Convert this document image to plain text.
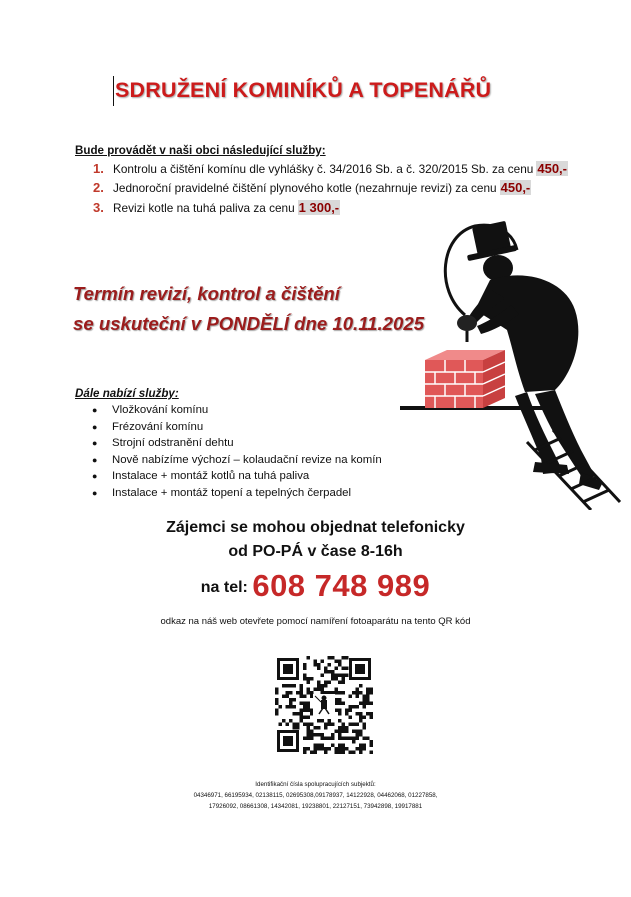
SDRUŽENÍ KOMINÍKŮ A TOPENÁŘŮ
Bude provádět v naši obci následující služby:
1. Kontrolu a čištění komínu dle vyhlášky č. 34/2016 Sb. a č. 320/2015 Sb. za cenu 450,-
2. Jednoroční pravidelné čištění plynového kotle (nezahrnuje revizi) za cenu 450,-
3. Revizi kotle na tuhá paliva za cenu 1 300,-
Termín revizí, kontrol a čištění
se uskuteční v PONDĚLÍ dne 10.11.2025
Dále nabízí služby:
● Vložkování komínu
● Frézování komínu
● Strojní odstranění dehtu
● Nově nabízíme výchozí – kolaudační revize na komín
● Instalace + montáž kotlů na tuhá paliva
● Instalace + montáž topení a tepelných čerpadel
Zájemci se mohou objednat telefonicky
od PO-PÁ v čase 8-16h
na tel: 608 748 989
odkaz na náš web otevřete pomocí namíření fotoaparátu na tento QR kód
Identifikační čísla spolupracujících subjektů:
04346971, 66195934, 02138115, 02695308,09178937, 14122928, 04462068, 01227858,
17926092, 08661308, 14342081, 19238801, 22127151, 73942898, 19917881
